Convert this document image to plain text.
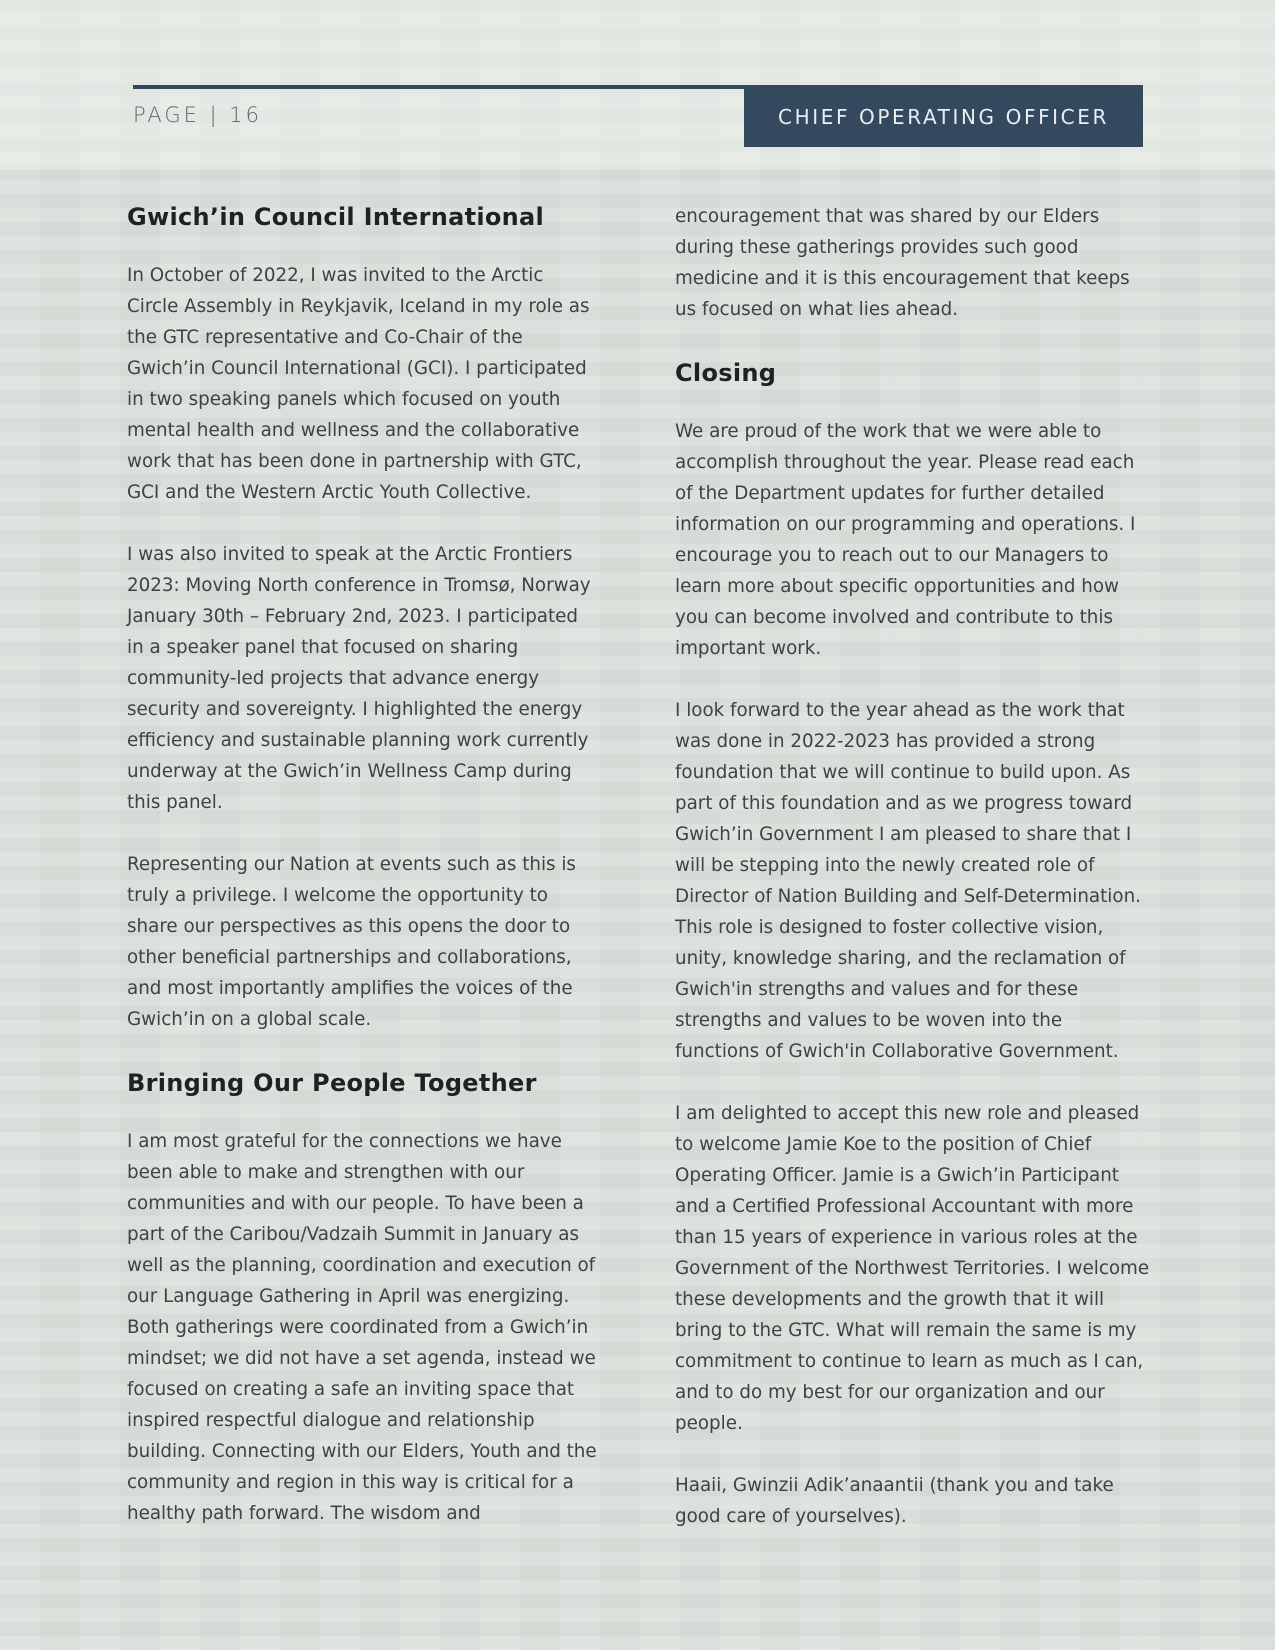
PAGE | 16	CHIEF OPERATING OFFICER
Gwich’in Council International

In October of 2022, I was invited to the Arctic Circle Assembly in Reykjavik, Iceland in my role as the GTC representative and Co-Chair of the Gwich’in Council International (GCI). I participated in two speaking panels which focused on youth mental health and wellness and the collaborative work that has been done in partnership with GTC, GCI and the Western Arctic Youth Collective.

I was also invited to speak at the Arctic Frontiers 2023: Moving North conference in Tromsø, Norway January 30th – February 2nd, 2023. I participated in a speaker panel that focused on sharing community-led projects that advance energy security and sovereignty. I highlighted the energy efficiency and sustainable planning work currently underway at the Gwich’in Wellness Camp during this panel.

Representing our Nation at events such as this is truly a privilege. I welcome the opportunity to share our perspectives as this opens the door to other beneficial partnerships and collaborations, and most importantly amplifies the voices of the Gwich’in on a global scale.

Bringing Our People Together

I am most grateful for the connections we have been able to make and strengthen with our communities and with our people. To have been a part of the Caribou/Vadzaih Summit in January as well as the planning, coordination and execution of our Language Gathering in April was energizing. Both gatherings were coordinated from a Gwich’in mindset; we did not have a set agenda, instead we focused on creating a safe an inviting space that inspired respectful dialogue and relationship building. Connecting with our Elders, Youth and the community and region in this way is critical for a healthy path forward. The wisdom and

encouragement that was shared by our Elders during these gatherings provides such good medicine and it is this encouragement that keeps us focused on what lies ahead.

Closing

We are proud of the work that we were able to accomplish throughout the year. Please read each of the Department updates for further detailed information on our programming and operations. I encourage you to reach out to our Managers to learn more about specific opportunities and how you can become involved and contribute to this important work.

I look forward to the year ahead as the work that was done in 2022-2023 has provided a strong foundation that we will continue to build upon. As part of this foundation and as we progress toward Gwich’in Government I am pleased to share that I will be stepping into the newly created role of Director of Nation Building and Self-Determination. This role is designed to foster collective vision, unity, knowledge sharing, and the reclamation of Gwich'in strengths and values and for these strengths and values to be woven into the functions of Gwich'in Collaborative Government.

I am delighted to accept this new role and pleased to welcome Jamie Koe to the position of Chief Operating Officer. Jamie is a Gwich’in Participant and a Certified Professional Accountant with more than 15 years of experience in various roles at the Government of the Northwest Territories. I welcome these developments and the growth that it will bring to the GTC. What will remain the same is my commitment to continue to learn as much as I can, and to do my best for our organization and our people.

Haaii, Gwinzii Adik’anaantii (thank you and take good care of yourselves).
